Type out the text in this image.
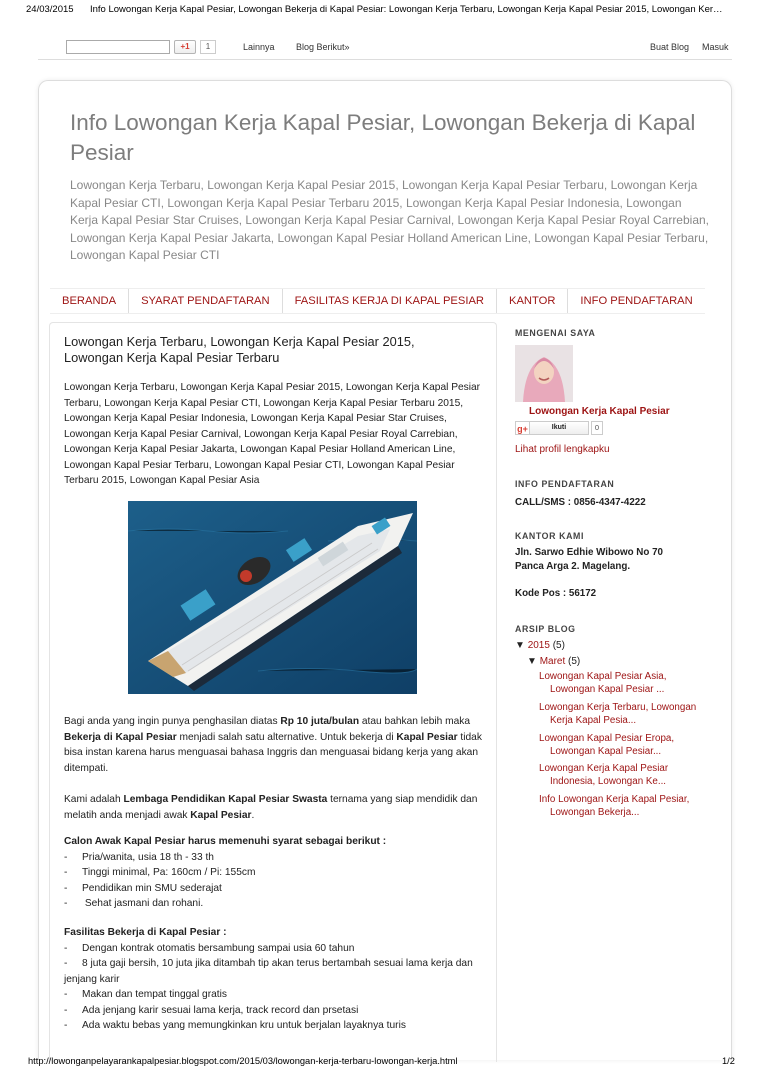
24/03/2015 Info Lowongan Kerja Kapal Pesiar, Lowongan Bekerja di Kapal Pesiar: Lowongan Kerja Terbaru, Lowongan Kerja Kapal Pesiar 2015, Lowongan Ker…
+1	1	Lainnya Blog Berikut»	Buat Blog Masuk
Info Lowongan Kerja Kapal Pesiar, Lowongan Bekerja di Kapal Pesiar
Lowongan Kerja Terbaru, Lowongan Kerja Kapal Pesiar 2015, Lowongan Kerja Kapal Pesiar Terbaru, Lowongan Kerja Kapal Pesiar CTI, Lowongan Kerja Kapal Pesiar Terbaru 2015, Lowongan Kerja Kapal Pesiar Indonesia, Lowongan Kerja Kapal Pesiar Star Cruises, Lowongan Kerja Kapal Pesiar Carnival, Lowongan Kerja Kapal Pesiar Royal Carrebian, Lowongan Kerja Kapal Pesiar Jakarta, Lowongan Kapal Pesiar Holland American Line, Lowongan Kapal Pesiar Terbaru, Lowongan Kapal Pesiar CTI
BERANDA	SYARAT PENDAFTARAN	FASILITAS KERJA DI KAPAL PESIAR	KANTOR	INFO PENDAFTARAN
Lowongan Kerja Terbaru, Lowongan Kerja Kapal Pesiar 2015, Lowongan Kerja Kapal Pesiar Terbaru
Lowongan Kerja Terbaru, Lowongan Kerja Kapal Pesiar 2015, Lowongan Kerja Kapal Pesiar Terbaru, Lowongan Kerja Kapal Pesiar CTI, Lowongan Kerja Kapal Pesiar Terbaru 2015, Lowongan Kerja Kapal Pesiar Indonesia, Lowongan Kerja Kapal Pesiar Star Cruises, Lowongan Kerja Kapal Pesiar Carnival, Lowongan Kerja Kapal Pesiar Royal Carrebian, Lowongan Kerja Kapal Pesiar Jakarta, Lowongan Kapal Pesiar Holland American Line, Lowongan Kapal Pesiar Terbaru, Lowongan Kapal Pesiar CTI, Lowongan Kapal Pesiar Terbaru 2015, Lowongan Kapal Pesiar Asia
Bagi anda yang ingin punya penghasilan diatas Rp 10 juta/bulan atau bahkan lebih maka Bekerja di Kapal Pesiar menjadi salah satu alternative. Untuk bekerja di Kapal Pesiar tidak bisa instan karena harus menguasai bahasa Inggris dan menguasai bidang kerja yang akan ditempati.
Kami adalah Lembaga Pendidikan Kapal Pesiar Swasta ternama yang siap mendidik dan melatih anda menjadi awak Kapal Pesiar.
Calon Awak Kapal Pesiar harus memenuhi syarat sebagai berikut :
- Pria/wanita, usia 18 th - 33 th
- Tinggi minimal, Pa: 160cm / Pi: 155cm
- Pendidikan min SMU sederajat
- Sehat jasmani dan rohani.
Fasilitas Bekerja di Kapal Pesiar :
- Dengan kontrak otomatis bersambung sampai usia 60 tahun
- 8 juta gaji bersih, 10 juta jika ditambah tip akan terus bertambah sesuai lama kerja dan jenjang karir
- Makan dan tempat tinggal gratis
- Ada jenjang karir sesuai lama kerja, track record dan prsetasi
- Ada waktu bebas yang memungkinkan kru untuk berjalan layaknya turis
MENGENAI SAYA
Lowongan Kerja Kapal Pesiar
g+	Ikuti	0
Lihat profil lengkapku
INFO PENDAFTARAN
CALL/SMS : 0856-4347-4222
KANTOR KAMI
Jln. Sarwo Edhie Wibowo No 70
Panca Arga 2. Magelang.
Kode Pos : 56172
ARSIP BLOG
▼ 2015 (5)
▼ Maret (5)
Lowongan Kapal Pesiar Asia,
Lowongan Kapal Pesiar ...
Lowongan Kerja Terbaru, Lowongan
Kerja Kapal Pesia...
Lowongan Kapal Pesiar Eropa,
Lowongan Kapal Pesiar...
Lowongan Kerja Kapal Pesiar
Indonesia, Lowongan Ke...
Info Lowongan Kerja Kapal Pesiar,
Lowongan Bekerja...
http://lowonganpelayarankapalpesiar.blogspot.com/2015/03/lowongan-kerja-terbaru-lowongan-kerja.html	1/2
